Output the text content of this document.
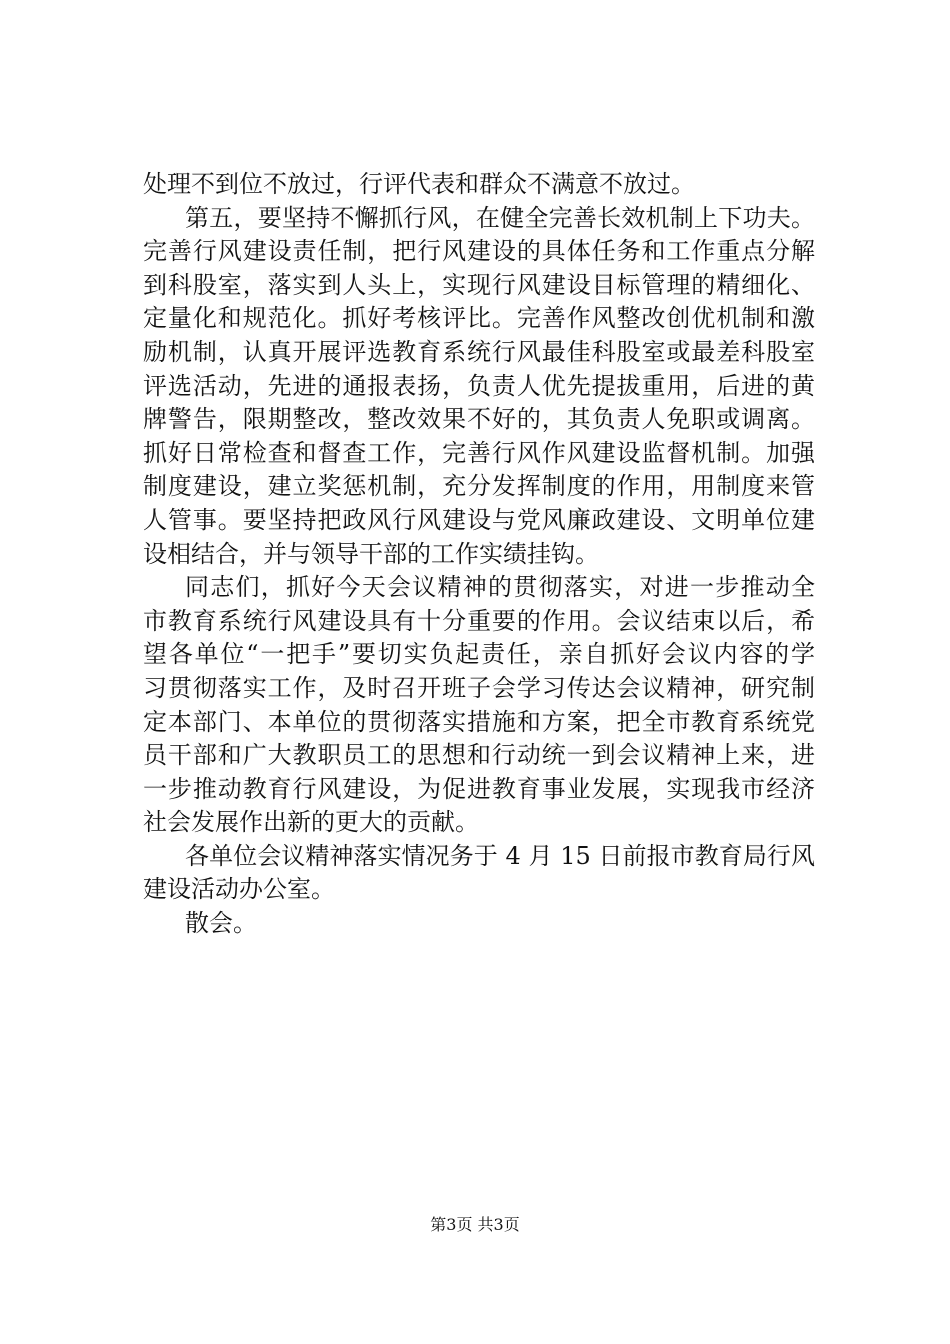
处理不到位不放过，行评代表和群众不满意不放过。
第五，要坚持不懈抓行风，在健全完善长效机制上下功夫。
完善行风建设责任制，把行风建设的具体任务和工作重点分解
到科股室，落实到人头上，实现行风建设目标管理的精细化、
定量化和规范化。抓好考核评比。完善作风整改创优机制和激
励机制，认真开展评选教育系统行风最佳科股室或最差科股室
评选活动，先进的通报表扬，负责人优先提拔重用，后进的黄
牌警告，限期整改，整改效果不好的，其负责人免职或调离。
抓好日常检查和督查工作，完善行风作风建设监督机制。加强
制度建设，建立奖惩机制，充分发挥制度的作用，用制度来管
人管事。要坚持把政风行风建设与党风廉政建设、文明单位建
设相结合，并与领导干部的工作实绩挂钩。
同志们，抓好今天会议精神的贯彻落实，对进一步推动全
市教育系统行风建设具有十分重要的作用。会议结束以后，希
望各单位“一把手”要切实负起责任，亲自抓好会议内容的学
习贯彻落实工作，及时召开班子会学习传达会议精神，研究制
定本部门、本单位的贯彻落实措施和方案，把全市教育系统党
员干部和广大教职员工的思想和行动统一到会议精神上来，进
一步推动教育行风建设，为促进教育事业发展，实现我市经济
社会发展作出新的更大的贡献。
各单位会议精神落实情况务于 4 月 15 日前报市教育局行风
建设活动办公室。
散会。
第3页 共3页
